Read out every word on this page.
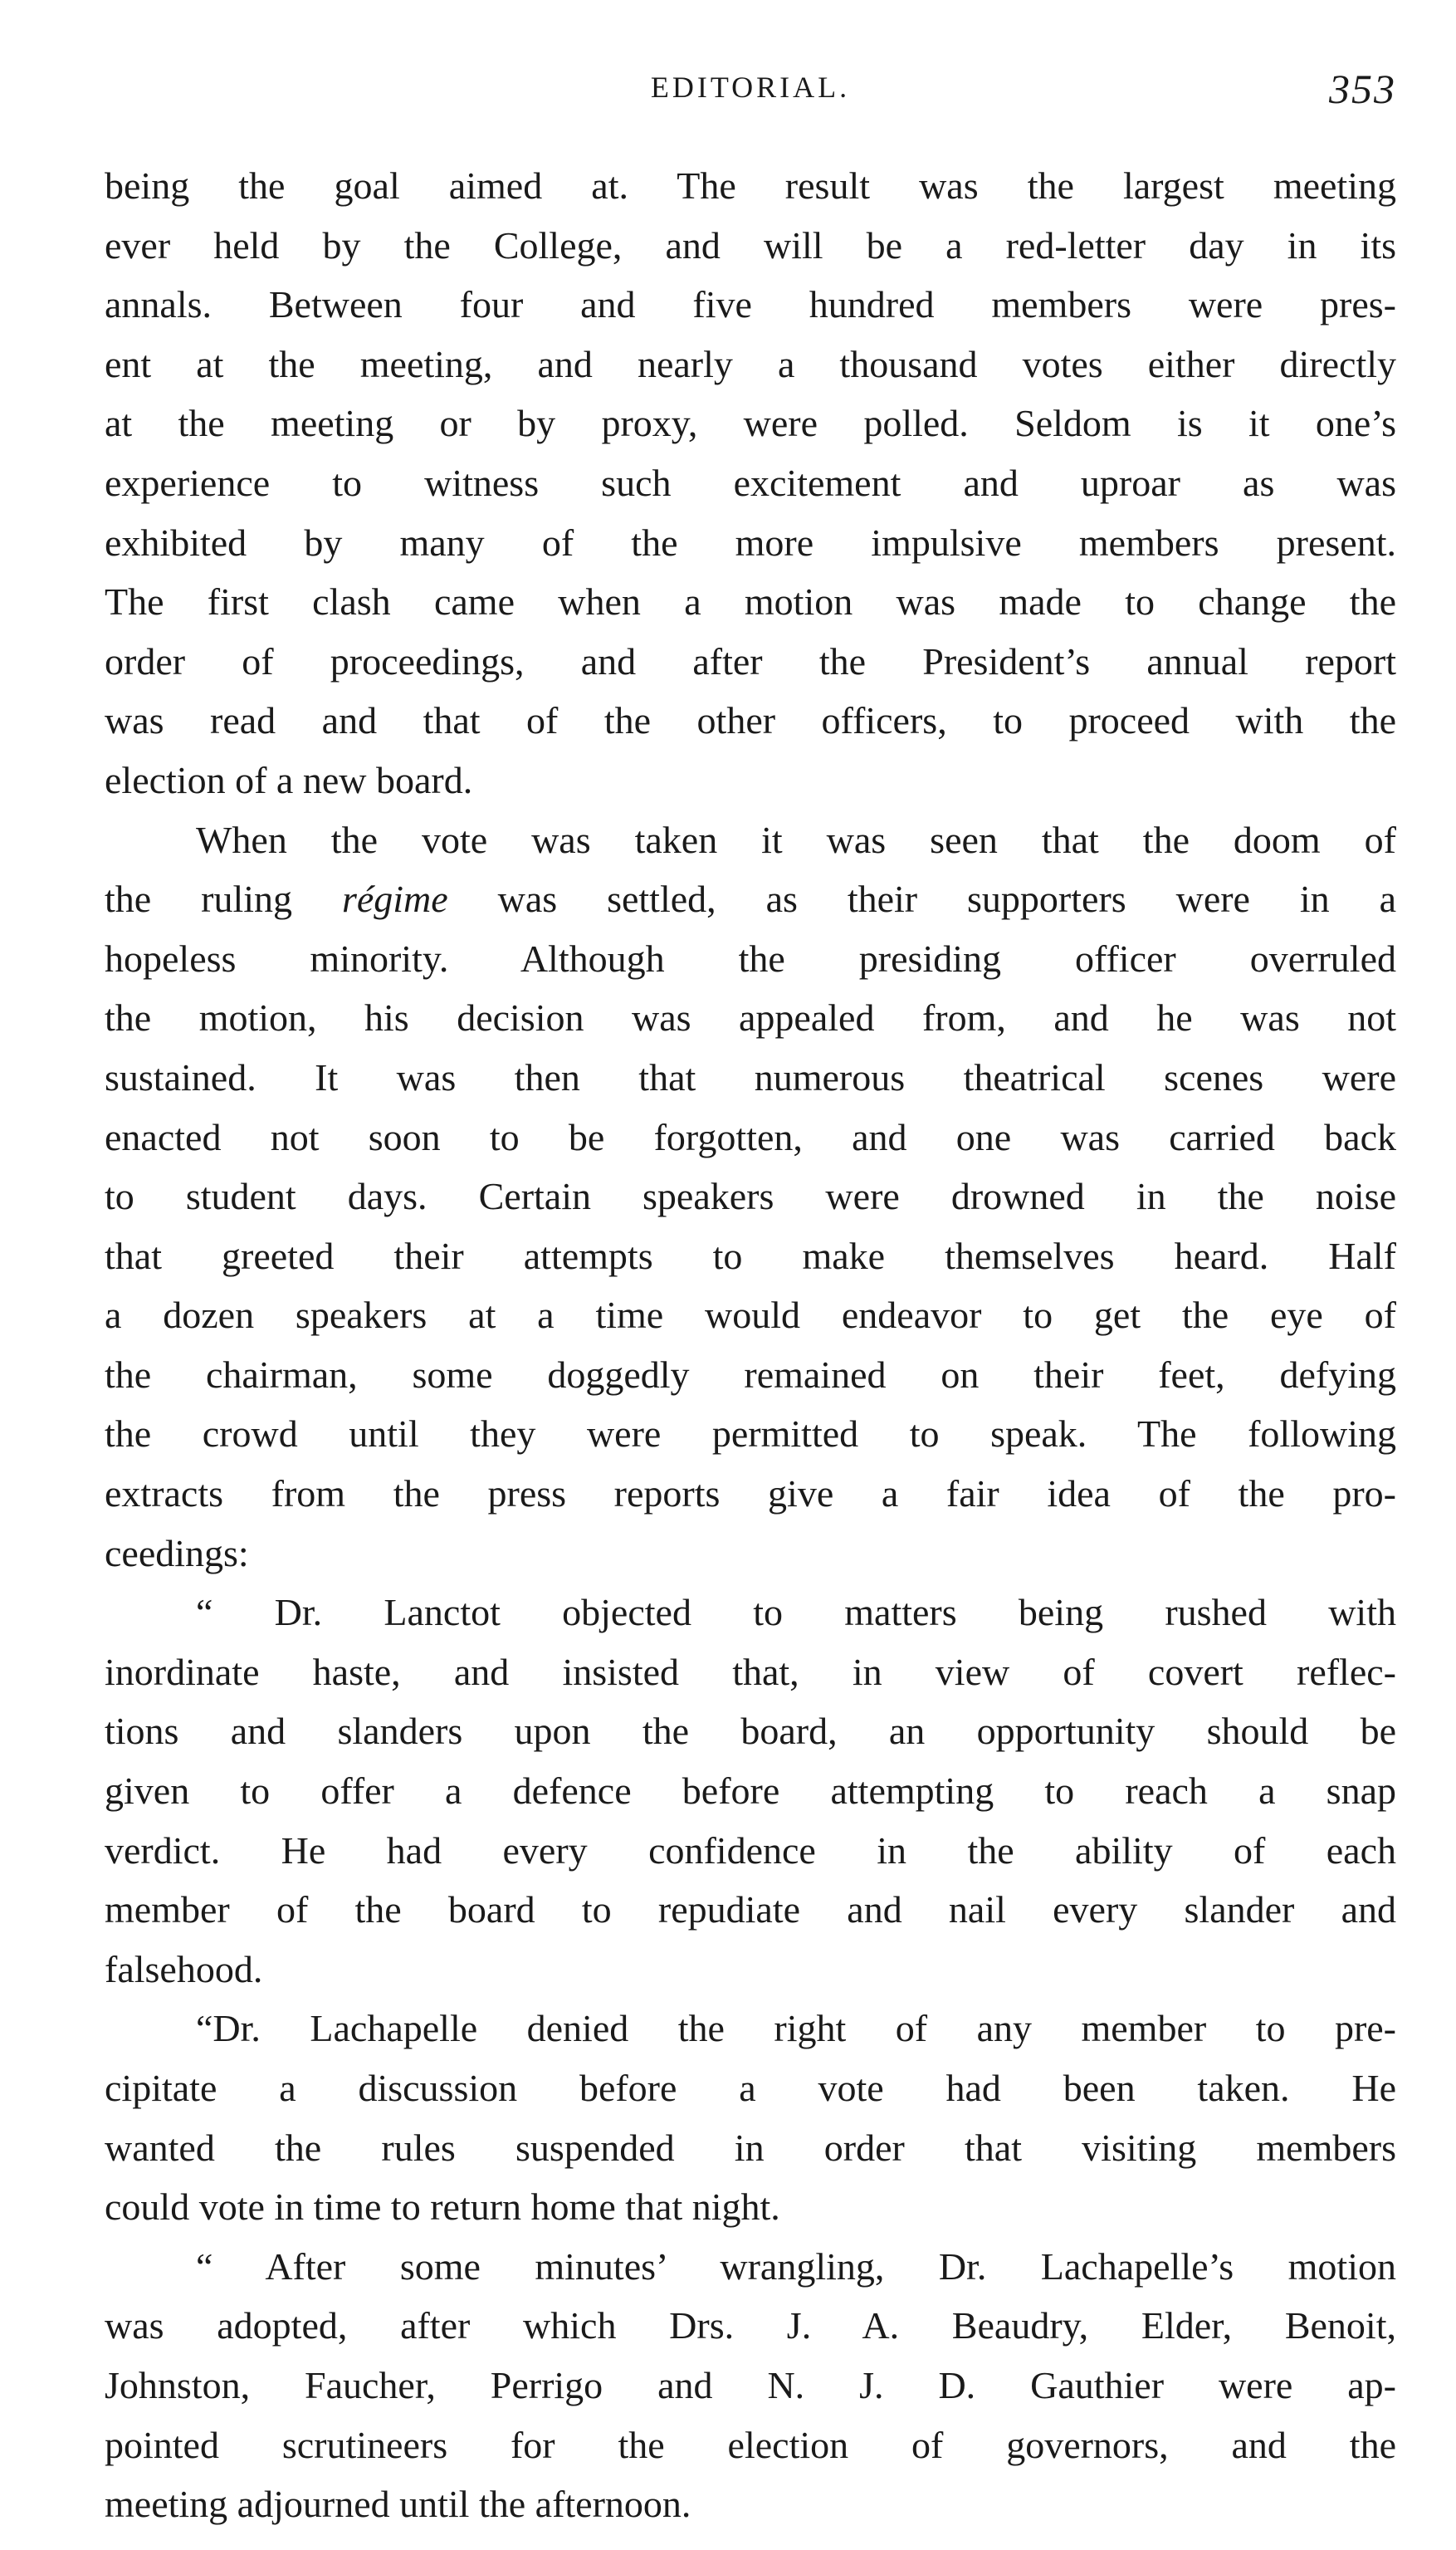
EDITORIAL.	353
being the goal aimed at. The result was the largest meeting
ever held by the College, and will be a red-letter day in its
annals. Between four and five hundred members were pres-
ent at the meeting, and nearly a thousand votes either directly
at the meeting or by proxy, were polled. Seldom is it one’s
experience to witness such excitement and uproar as was
exhibited by many of the more impulsive members present.
The first clash came when a motion was made to change the
order of proceedings, and after the President’s annual report
was read and that of the other officers, to proceed with the
election of a new board.
When the vote was taken it was seen that the doom of
the ruling régime was settled, as their supporters were in a
hopeless minority. Although the presiding officer overruled
the motion, his decision was appealed from, and he was not
sustained. It was then that numerous theatrical scenes were
enacted not soon to be forgotten, and one was carried back
to student days. Certain speakers were drowned in the noise
that greeted their attempts to make themselves heard. Half
a dozen speakers at a time would endeavor to get the eye of
the chairman, some doggedly remained on their feet, defying
the crowd until they were permitted to speak. The following
extracts from the press reports give a fair idea of the pro-
ceedings:
“ Dr. Lanctot objected to matters being rushed with
inordinate haste, and insisted that, in view of covert reflec-
tions and slanders upon the board, an opportunity should be
given to offer a defence before attempting to reach a snap
verdict. He had every confidence in the ability of each
member of the board to repudiate and nail every slander and
falsehood.
“Dr. Lachapelle denied the right of any member to pre-
cipitate a discussion before a vote had been taken. He
wanted the rules suspended in order that visiting members
could vote in time to return home that night.
“ After some minutes’ wrangling, Dr. Lachapelle’s motion
was adopted, after which Drs. J. A. Beaudry, Elder, Benoit,
Johnston, Faucher, Perrigo and N. J. D. Gauthier were ap-
pointed scrutineers for the election of governors, and the
meeting adjourned until the afternoon.
